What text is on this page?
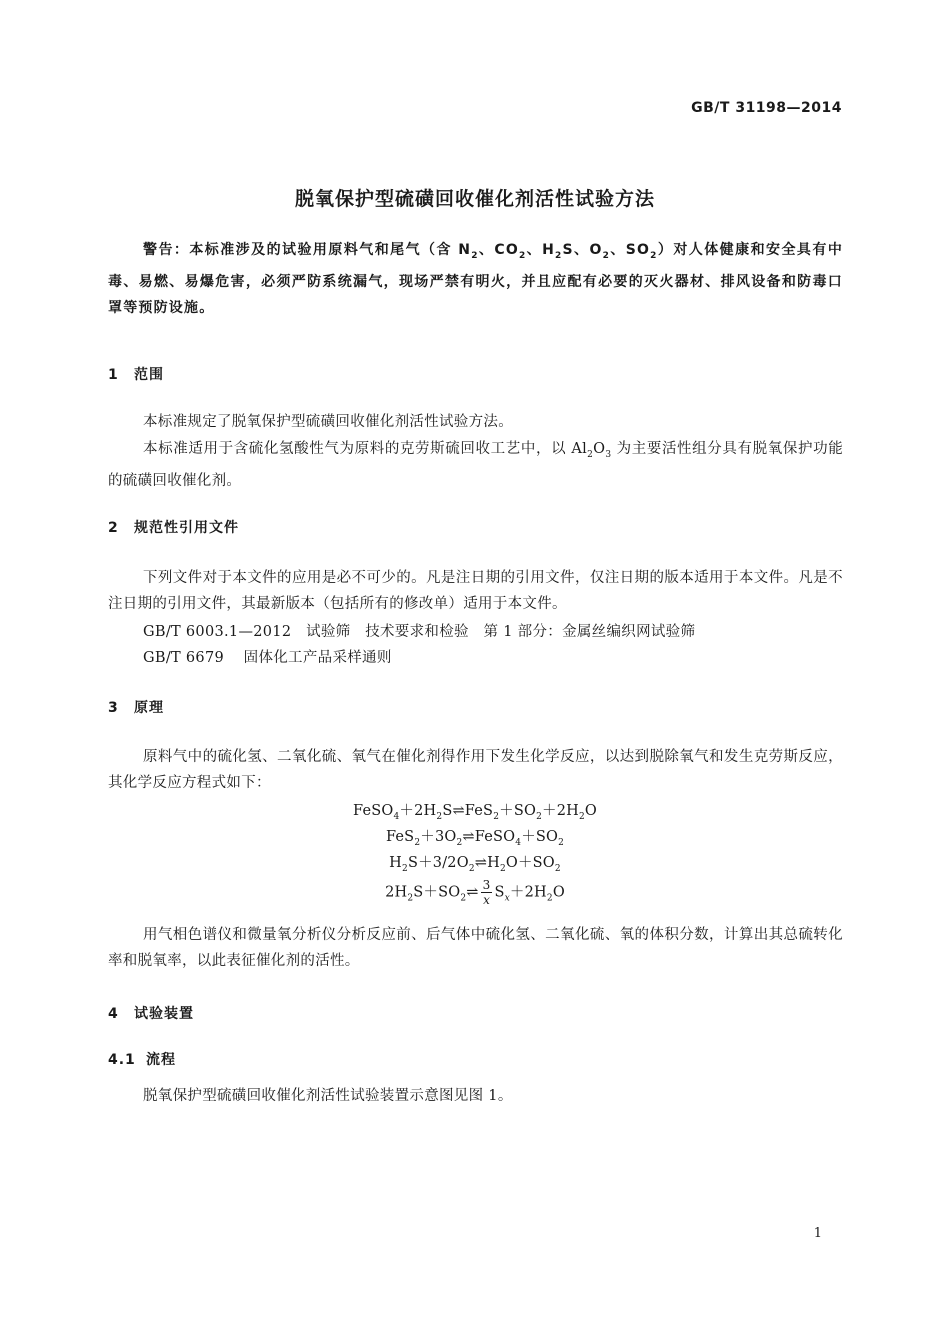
GB/T 31198—2014
脱氧保护型硫磺回收催化剂活性试验方法

警告：本标准涉及的试验用原料气和尾气（含 $N_2$、$CO_2$、$H_2S$、$O_2$、$SO_2$）对人体健康和安全具有中毒、易燃、易爆危害，必须严防系统漏气，现场严禁有明火，并且应配有必要的灭火器材、排风设备和防毒口罩等预防设施。

1 范围

本标准规定了脱氧保护型硫磺回收催化剂活性试验方法。

本标准适用于含硫化氢酸性气为原料的克劳斯硫回收工艺中，以 $Al_2O_3$ 为主要活性组分具有脱氧保护功能的硫磺回收催化剂。

2 规范性引用文件

下列文件对于本文件的应用是必不可少的。凡是注日期的引用文件，仅注日期的版本适用于本文件。凡是不注日期的引用文件，其最新版本（包括所有的修改单）适用于本文件。

GB/T 6003.1—2012   试验筛   技术要求和检验   第 1 部分：金属丝编织网试验筛
GB/T 6679    固体化工产品采样通则
3 原理

原料气中的硫化氢、二氧化硫、氧气在催化剂得作用下发生化学反应，以达到脱除氧气和发生克劳斯反应，其化学反应方程式如下：

$FeSO_4+2H_2S\rightleftharpoons FeS_2+SO_2+2H_2O$
$FeS_2+3O_2\rightleftharpoons FeSO_4+SO_2$
$H_2S+3/2O_2\rightleftharpoons H_2O+SO_2$
$2H_2S+SO_2\rightleftharpoons \frac{3}{x} S_x+2H_2O$

用气相色谱仪和微量氧分析仪分析反应前、后气体中硫化氢、二氧化硫、氧的体积分数，计算出其总硫转化率和脱氧率，以此表征催化剂的活性。

4 试验装置
4.1 流程

脱氧保护型硫磺回收催化剂活性试验装置示意图见图 1。

1
